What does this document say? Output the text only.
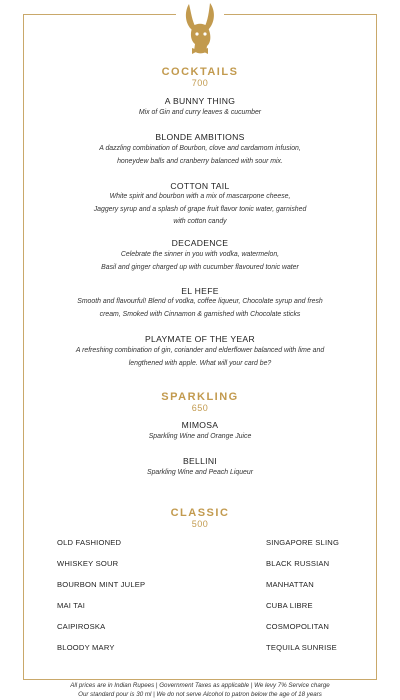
COCKTAILS
700
A BUNNY THING
Mix of Gin and curry leaves & cucumber
BLONDE AMBITIONS
A dazzling combination of Bourbon, clove and cardamom infusion,
honeydew balls and cranberry balanced with sour mix.
COTTON TAIL
White spirit and bourbon with a mix of mascarpone cheese,
Jaggery syrup and a splash of grape fruit flavor tonic water, garnished
with cotton candy
DECADENCE
Celebrate the sinner in you with vodka, watermelon,
Basil and ginger charged up with cucumber flavoured tonic water
EL HEFE
Smooth and flavourful! Blend of vodka, coffee liqueur, Chocolate syrup and fresh
cream, Smoked with Cinnamon & garnished with Chocolate sticks
PLAYMATE OF THE YEAR
A refreshing combination of gin, coriander and elderflower balanced with lime and
lengthened with apple. What will your card be?
SPARKLING
650
MIMOSA
Sparkling Wine and Orange Juice
BELLINI
Sparkling Wine and Peach Liqueur
CLASSIC
500
OLD FASHIONED
WHISKEY SOUR
BOURBON MINT JULEP
MAI TAI
CAIPIROSKA
BLOODY MARY
SINGAPORE SLING
BLACK RUSSIAN
MANHATTAN
CUBA LIBRE
COSMOPOLITAN
TEQUILA SUNRISE
All prices are in Indian Rupees | Government Taxes as applicable | We levy 7% Service charge
Our standard pour is 30 ml | We do not serve Alcohol to patron below the age of 18 years
